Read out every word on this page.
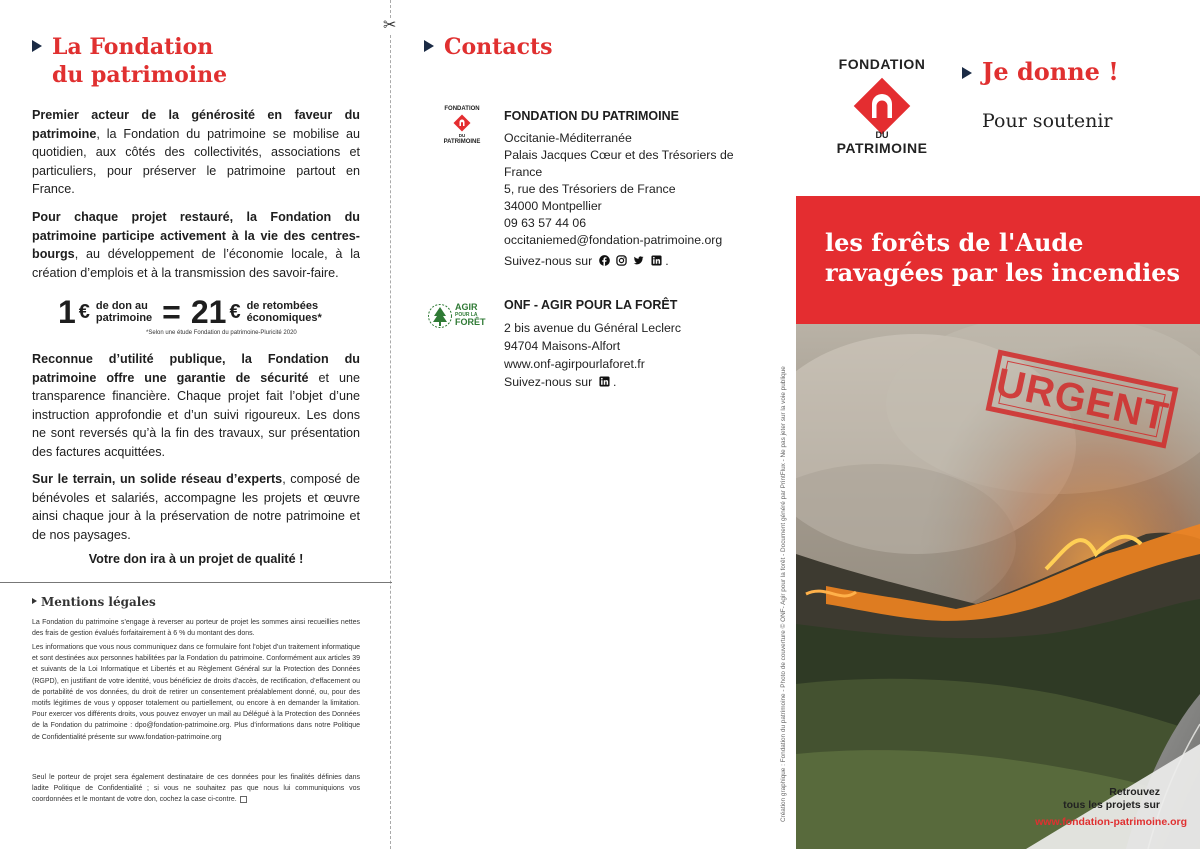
✂
La Fondation
du patrimoine

Premier acteur de la générosité en faveur du patrimoine, la Fondation du patrimoine se mobilise au quotidien, aux côtés des collectivités, associations et particuliers, pour préserver le patrimoine partout en France.

Pour chaque projet restauré, la Fondation du patrimoine participe activement à la vie des centres-bourgs, au développement de l’économie locale, à la création d’emplois et à la transmission des savoir-faire.

1 € de don au
patrimoine = 21 € de retombées
économiques*
*Selon une étude Fondation du patrimoine-Pluricité 2020

Reconnue d’utilité publique, la Fondation du patrimoine offre une garantie de sécurité et une transparence financière. Chaque projet fait l’objet d’une instruction approfondie et d’un suivi rigoureux. Les dons ne sont reversés qu’à la fin des travaux, sur présentation des factures acquittées.

Sur le terrain, un solide réseau d’experts, composé de bénévoles et salariés, accompagne les projets et œuvre ainsi chaque jour à la préservation de notre patrimoine et de nos paysages.

Votre don ira à un projet de qualité !
Mentions légales

La Fondation du patrimoine s’engage à reverser au porteur de projet les sommes ainsi recueillies nettes des frais de gestion évalués forfaitairement à 6 % du montant des dons.

Les informations que vous nous communiquez dans ce formulaire font l’objet d’un traitement informatique et sont destinées aux personnes habilitées par la Fondation du patrimoine. Conformément aux articles 39 et suivants de la Loi Informatique et Libertés et au Règlement Général sur la Protection des Données (RGPD), en justifiant de votre identité, vous bénéficiez de droits d’accès, de rectification, d’effacement ou de portabilité de vos données, du droit de retirer un consentement préalablement donné, ou, pour des motifs légitimes de vous y opposer totalement ou partiellement, ou encore à en demander la limitation. Pour exercer vos différents droits, vous pouvez envoyer un mail au Délégué à la Protection des Données de la Fondation du patrimoine : dpo@fondation-patrimoine.org. Plus d’informations dans notre Politique de Confidentialité présente sur www.fondation-patrimoine.org

Seul le porteur de projet sera également destinataire de ces données pour les finalités définies dans ladite Politique de Confidentialité ; si vous ne souhaitez pas que nous lui communiquions vos coordonnées et le montant de votre don, cochez la case ci-contre.

Contacts
FONDATION
DU
PATRIMOINE
FONDATION DU PATRIMOINE
Occitanie-Méditerranée
Palais Jacques Cœur et des Trésoriers de
France
5, rue des Trésoriers de France
34000 Montpellier
09 63 57 44 06
occitaniemed@fondation-patrimoine.org
Suivez-nous sur	.
AGIR
POUR LA
FORÊT
ONF - AGIR POUR LA FORÊT
2 bis avenue du Général Leclerc
94704 Maisons-Alfort
www.onf-agirpourlaforet.fr
Suivez-nous sur .
FONDATION
DU
PATRIMOINE
Je donne !
Pour soutenir
les forêts de l'Aude
ravagées par les incendies
URGENT
Retrouvez
tous les projets sur
www.fondation-patrimoine.org
Création graphique : Fondation du patrimoine - Photo de couverture © ONF- Agir pour la forêt - Document généré par PrintFlux - Ne pas jeter sur la voie publique
